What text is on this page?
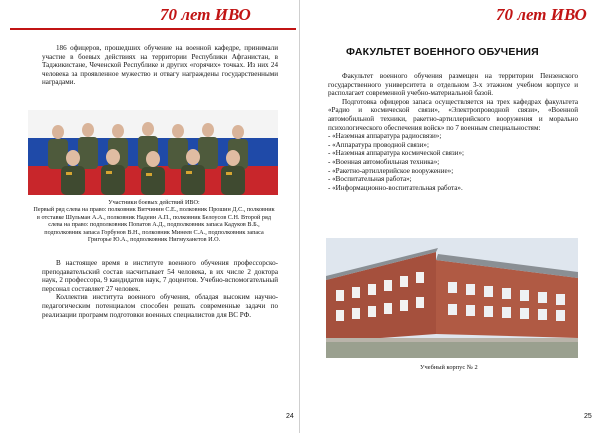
70 лет ИВО

186 офицеров, прошедших обучение на военной кафедре, принимали участие в боевых действиях на территории Республики Афганистан, в Таджикистане, Чеченской Республике и других «горячих» точках. Из них 24 человека за проявленное мужество и отвагу награждены государственными наградами.

Участники боевых действий ИВО:
Первый ряд слева на право: полковник Витчинин С.Е., полковник Прошин Д.С., полковник в отставке Шульман А.А., полковник Надеин А.П., полковник Белоусов С.Н. Второй ряд слева на право: подполковник Попатов А.Д., подполковник запаса Кадуков В.Б., подполковник запаса Горбунов В.Н., полковник Минеев С.А., подполковник запаса Григорье Ю.А., подполковник Нигмуханетов И.О.

В настоящее время в институте военного обучения профессорско-преподавательский состав насчитывает 54 человека, в их числе 2 доктора наук, 2 профессора, 9 кандидатов наук, 7 доцентов. Учебно-вспомогательный персонал составляет 27 человек.

Коллектив института военного обучения, обладая высоким научно-педагогическим потенциалом способен решать современные задачи по реализации программ подготовки военных специалистов для ВС РФ.

24
70 лет ИВО
ФАКУЛЬТЕТ ВОЕННОГО ОБУЧЕНИЯ

Факультет военного обучения размещен на территории Пензенского государственного университета в отдельном 3-х этажном учебном корпусе и располагает современной учебно-материальной базой.

Подготовка офицеров запаса осуществляется на трех кафедрах факультета «Радио и космической связи», «Электропроводной связи», «Военной автомобильной техники, ракетно-артиллерийского вооружения и морально психологического обеспечения войск» по 7 военным специальностям:

- «Наземная аппаратура радиосвязи»;
- «Аппаратура проводной связи»;
- «Наземная аппаратура космической связи»;
- «Военная автомобильная техника»;
- «Ракетно-артиллерийское вооружение»;
- «Воспитательная работа»;
- «Информационно-воспитательная работа».
Учебный корпус № 2
25
